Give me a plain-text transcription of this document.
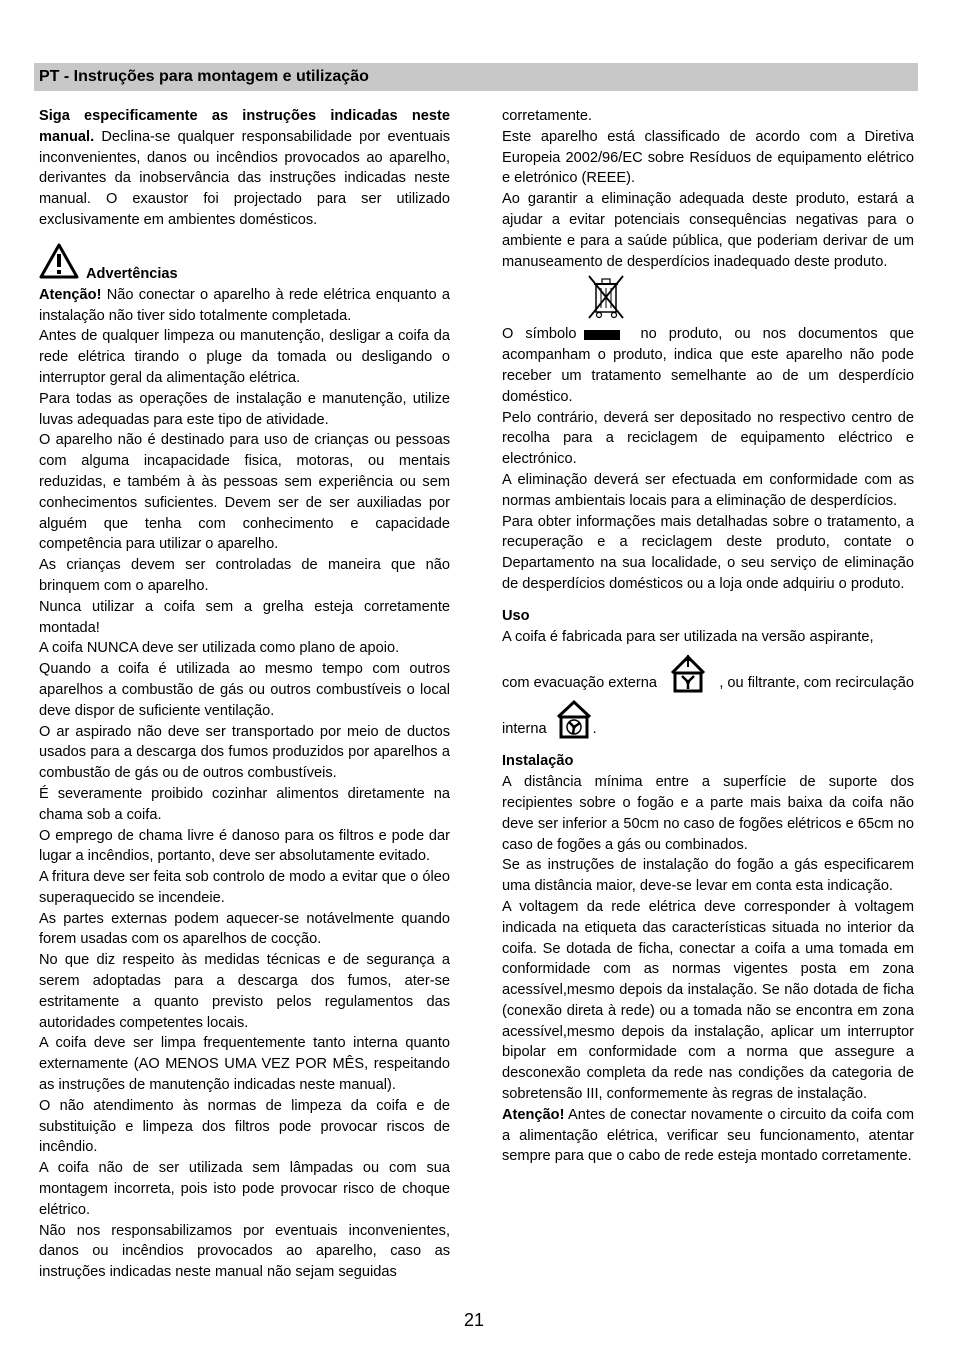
PT - Instruções para montagem e utilização

Siga especificamente as instruções indicadas neste manual. Declina-se qualquer responsabilidade por eventuais inconvenientes, danos ou incêndios provocados ao aparelho, derivantes da inobservância das instruções indicadas neste manual. O exaustor foi projectado para ser utilizado exclusivamente em ambientes domésticos.

Advertências

Atenção! Não conectar o aparelho à rede elétrica enquanto a instalação não tiver sido totalmente completada.

Antes de qualquer limpeza ou manutenção, desligar a coifa da rede elétrica tirando o pluge da tomada ou desligando o interruptor geral da alimentação elétrica.

Para todas as operações de instalação e manutenção, utilize luvas adequadas para este tipo de atividade.

O aparelho não é destinado para uso de crianças ou pessoas com alguma incapacidade fisica, motoras, ou mentais reduzidas, e também à às pessoas sem experiência ou sem conhecimentos suficientes. Devem ser de ser auxiliadas por alguém que tenha com conhecimento e capacidade competência para utilizar o aparelho.

As crianças devem ser controladas de maneira que não brinquem com o aparelho.

Nunca utilizar a coifa sem a grelha esteja corretamente montada!

A coifa NUNCA deve ser utilizada como plano de apoio.

Quando a coifa é utilizada ao mesmo tempo com outros aparelhos a combustão de gás ou outros combustíveis o local deve dispor de suficiente ventilação.

O ar aspirado não deve ser transportado por meio de ductos usados para a descarga dos fumos produzidos por aparelhos a combustão de gás ou de outros combustíveis.

É severamente proibido cozinhar alimentos diretamente na chama sob a coifa.

O emprego de chama livre é danoso para os filtros e pode dar lugar a incêndios, portanto, deve ser absolutamente evitado.

A fritura deve ser feita sob controlo de modo a evitar que o óleo superaquecido se incendeie.

As partes externas podem aquecer-se notávelmente quando forem usadas com os aparelhos de cocção.

No que diz respeito às medidas técnicas e de segurança a serem adoptadas para a descarga dos fumos, ater-se estritamente a quanto previsto pelos regulamentos das autoridades competentes locais.

A coifa deve ser limpa frequentemente tanto interna quanto externamente (AO MENOS UMA VEZ POR MÊS, respeitando as instruções de manutenção indicadas neste manual).

O não atendimento às normas de limpeza da coifa e de substituição e limpeza dos filtros pode provocar riscos de incêndio.

A coifa não de ser utilizada sem lâmpadas ou com sua montagem incorreta, pois isto pode provocar risco de choque elétrico.

Não nos responsabilizamos por eventuais inconvenientes, danos ou incêndios provocados ao aparelho, caso as instruções indicadas neste manual não sejam seguidas

corretamente.

Este aparelho está classificado de acordo com a Diretiva Europeia 2002/96/EC sobre Resíduos de equipamento elétrico e eletrónico (REEE).

Ao garantir a eliminação adequada deste produto, estará a ajudar a evitar potenciais consequências negativas para o ambiente e para a saúde pública, que poderiam derivar de um manuseamento de desperdícios inadequado deste produto.

O símbolo	no produto, ou nos documentos que acompanham o produto, indica que este aparelho não pode receber um tratamento semelhante ao de um desperdício doméstico.

Pelo contrário, deverá ser depositado no respectivo centro de recolha para a reciclagem de equipamento eléctrico e electrónico.

A eliminação deverá ser efectuada em conformidade com as normas ambientais locais para a eliminação de desperdícios.

Para obter informações mais detalhadas sobre o tratamento, a recuperação e a reciclagem deste produto, contate o Departamento na sua localidade, o seu serviço de eliminação de desperdícios domésticos ou a loja onde adquiriu o produto.

Uso

A coifa é fabricada para ser utilizada na versão aspirante,

com evacuação externa	, ou filtrante, com recirculação
interna	.

Instalação

A distância mínima entre a superfície de suporte dos recipientes sobre o fogão e a parte mais baixa da coifa não deve ser inferior a 50cm no caso de fogões elétricos e 65cm no caso de fogões a gás ou combinados.

Se as instruções de instalação do fogão a gás especificarem uma distância maior, deve-se levar em conta esta indicação.

A voltagem da rede elétrica deve corresponder à voltagem indicada na etiqueta das características situada no interior da coifa. Se dotada de ficha, conectar a coifa a uma tomada em conformidade com as normas vigentes posta em zona acessível,mesmo depois da instalação. Se não dotada de ficha (conexão direta à rede) ou a tomada não se encontra em zona acessível,mesmo depois da instalação, aplicar um interruptor bipolar em conformidade com a norma que assegure a desconexão completa da rede nas condições da categoria de sobretensão III, conformemente às regras de instalação.

Atenção! Antes de conectar novamente o circuito da coifa com a alimentação elétrica, verificar seu funcionamento, atentar sempre para que o cabo de rede esteja montado corretamente.

21
